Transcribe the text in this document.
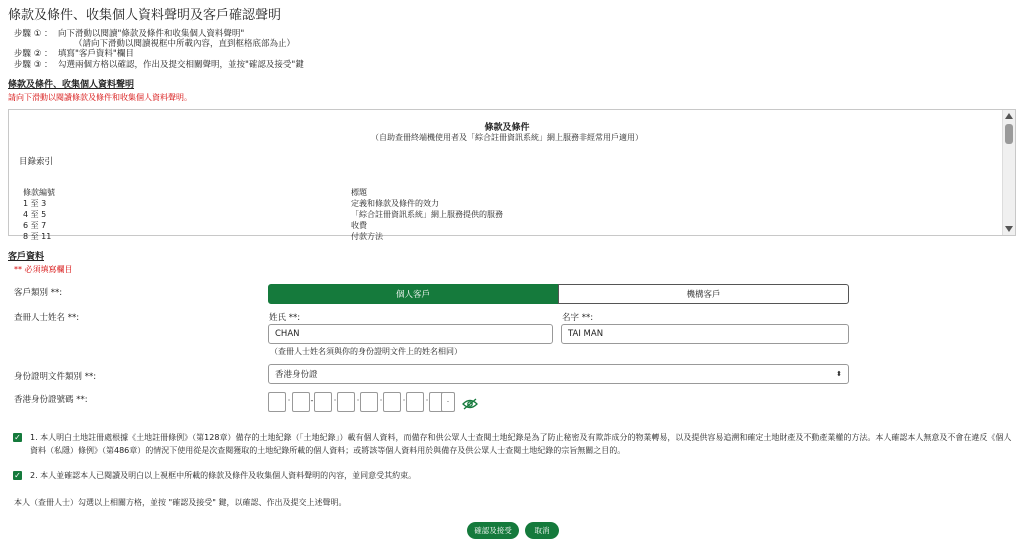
條款及條件、收集個人資料聲明及客戶確認聲明
步驟 ① ： 向下滑動以閱讀"條款及條件和收集個人資料聲明"
（請向下滑動以閱讀視框中所載內容，直到框格底部為止）
步驟 ② ： 填寫"客戶資料"欄目
步驟 ③ ： 勾選兩個方格以確認，作出及提交相關聲明，並按"確認及接受"鍵
條款及條件、收集個人資料聲明
請向下滑動以閱讀條款及條件和收集個人資料聲明。
條款及條件
（自助查冊終端機使用者及「綜合註冊資訊系統」網上服務非經常用戶適用）
目錄索引
條款編號	標題
1 至 3	定義和條款及條件的效力
4 至 5	「綜合註冊資訊系統」網上服務提供的服務
6 至 7	收費
8 至 11	付款方法
客戶資料
** 必須填寫欄目
客戶類別 **:	個人客戶	機構客戶
查冊人士姓名 **:	姓氏 **:	名字 **:
CHAN	TAI MAN
（查冊人士姓名須與你的身份證明文件上的姓名相同）
身份證明文件類別 **:	香港身份證	⬍
香港身份證號碼 **:	·	-	·	·	·	·	·	·
✓ 1. 本人明白土地註冊處根據《土地註冊條例》（第128章）備存的土地紀錄（「土地紀錄」）載有個人資料，而備存和供公眾人士查閱土地紀錄是為了防止秘密及有欺詐成分的物業轉易，以及提供容易追溯和確定土地財產及不動產業權的方法。本人確認本人無意及不會在違反《個人資料（私隱）條例》（第486章）的情況下使用從是次查閱獲取的土地紀錄所載的個人資料；或將該等個人資料用於與備存及供公眾人士查閱土地紀錄的宗旨無關之目的。
✓ 2. 本人並確認本人已閱讀及明白以上視框中所載的條款及條件及收集個人資料聲明的內容，並同意受其約束。
本人（查冊人士）勾選以上相關方格，並按 "確認及接受" 鍵，以確認、作出及提交上述聲明。
確認及接受	取消
